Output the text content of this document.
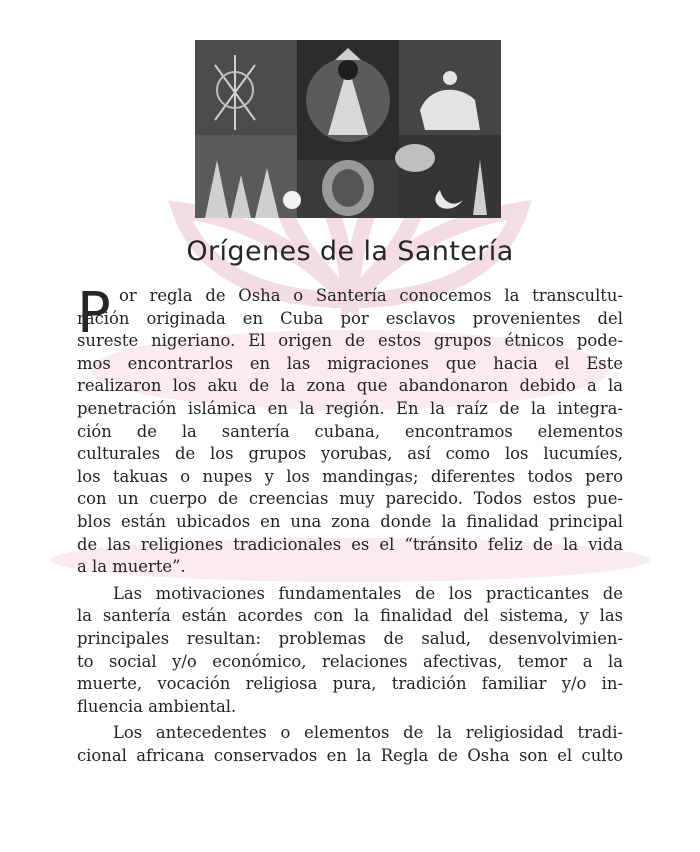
Orígenes de la Santería
P or regla de Osha o Santería conocemos la transcultu-
ración originada en Cuba por esclavos provenientes del
sureste nigeriano. El origen de estos grupos étnicos pode-
mos encontrarlos en las migraciones que hacia el Este
realizaron los aku de la zona que abandonaron debido a la
penetración islámica en la región. En la raíz de la integra-
ción de la santería cubana, encontramos elementos
culturales de los grupos yorubas, así como los lucumíes,
los takuas o nupes y los mandingas; diferentes todos pero
con un cuerpo de creencias muy parecido. Todos estos pue-
blos están ubicados en una zona donde la finalidad principal
de las religiones tradicionales es el “tránsito feliz de la vida
a la muerte”.
Las motivaciones fundamentales de los practicantes de
la santería están acordes con la finalidad del sistema, y las
principales resultan: problemas de salud, desenvolvimien-
to social y/o económico, relaciones afectivas, temor a la
muerte, vocación religiosa pura, tradición familiar y/o in-
fluencia ambiental.
Los antecedentes o elementos de la religiosidad tradi-
cional africana conservados en la Regla de Osha son el culto
